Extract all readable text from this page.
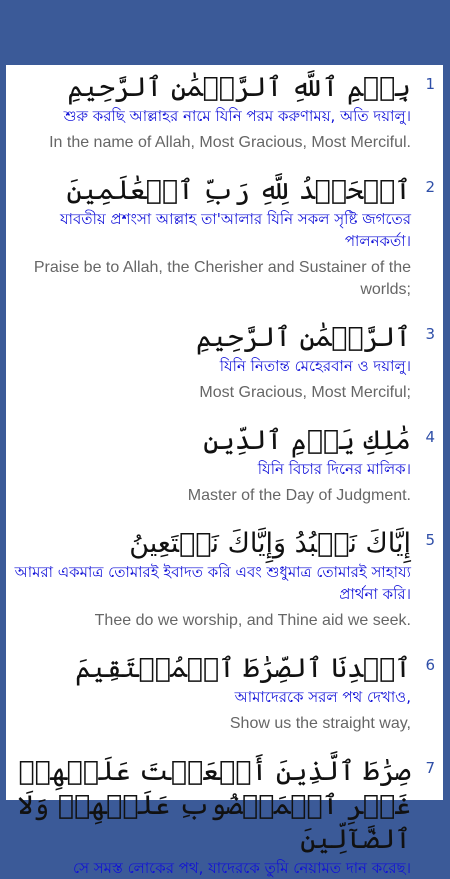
1
بِسۡمِ ٱللَّهِ ٱلرَّحۡمَٰنِ ٱلرَّحِيمِ
শুরু করছি আল্লাহর নামে যিনি পরম করুণাময়, অতি দয়ালু।
In the name of Allah, Most Gracious, Most Merciful.
2
ٱلۡحَمۡدُ لِلَّهِ رَبِّ ٱلۡعَٰلَمِينَ
যাবতীয় প্রশংসা আল্লাহ তা'আলার যিনি সকল সৃষ্টি জগতের পালনকর্তা।
Praise be to Allah, the Cherisher and Sustainer of the worlds;
3
ٱلرَّحۡمَٰنِ ٱلرَّحِيمِ
যিনি নিতান্ত মেহেরবান ও দয়ালু।
Most Gracious, Most Merciful;
4
مَٰلِكِ يَوۡمِ ٱلدِّينِ
যিনি বিচার দিনের মালিক।
Master of the Day of Judgment.
5
إِيَّاكَ نَعۡبُدُ وَإِيَّاكَ نَسۡتَعِينُ
আমরা একমাত্র তোমারই ইবাদত করি এবং শুধুমাত্র তোমারই সাহায্য প্রার্থনা করি।
Thee do we worship, and Thine aid we seek.
6
ٱهۡدِنَا ٱلصِّرَٰطَ ٱلۡمُسۡتَقِيمَ
আমাদেরকে সরল পথ দেখাও,
Show us the straight way,
7
صِرَٰطَ ٱلَّذِينَ أَنۡعَمۡتَ عَلَيۡهِمۡ غَيۡرِ ٱلۡمَغۡضُوبِ عَلَيۡهِمۡ وَلَا ٱلضَّآلِّينَ
সে সমস্ত লোকের পথ, যাদেরকে তুমি নেয়ামত দান করেছ।
